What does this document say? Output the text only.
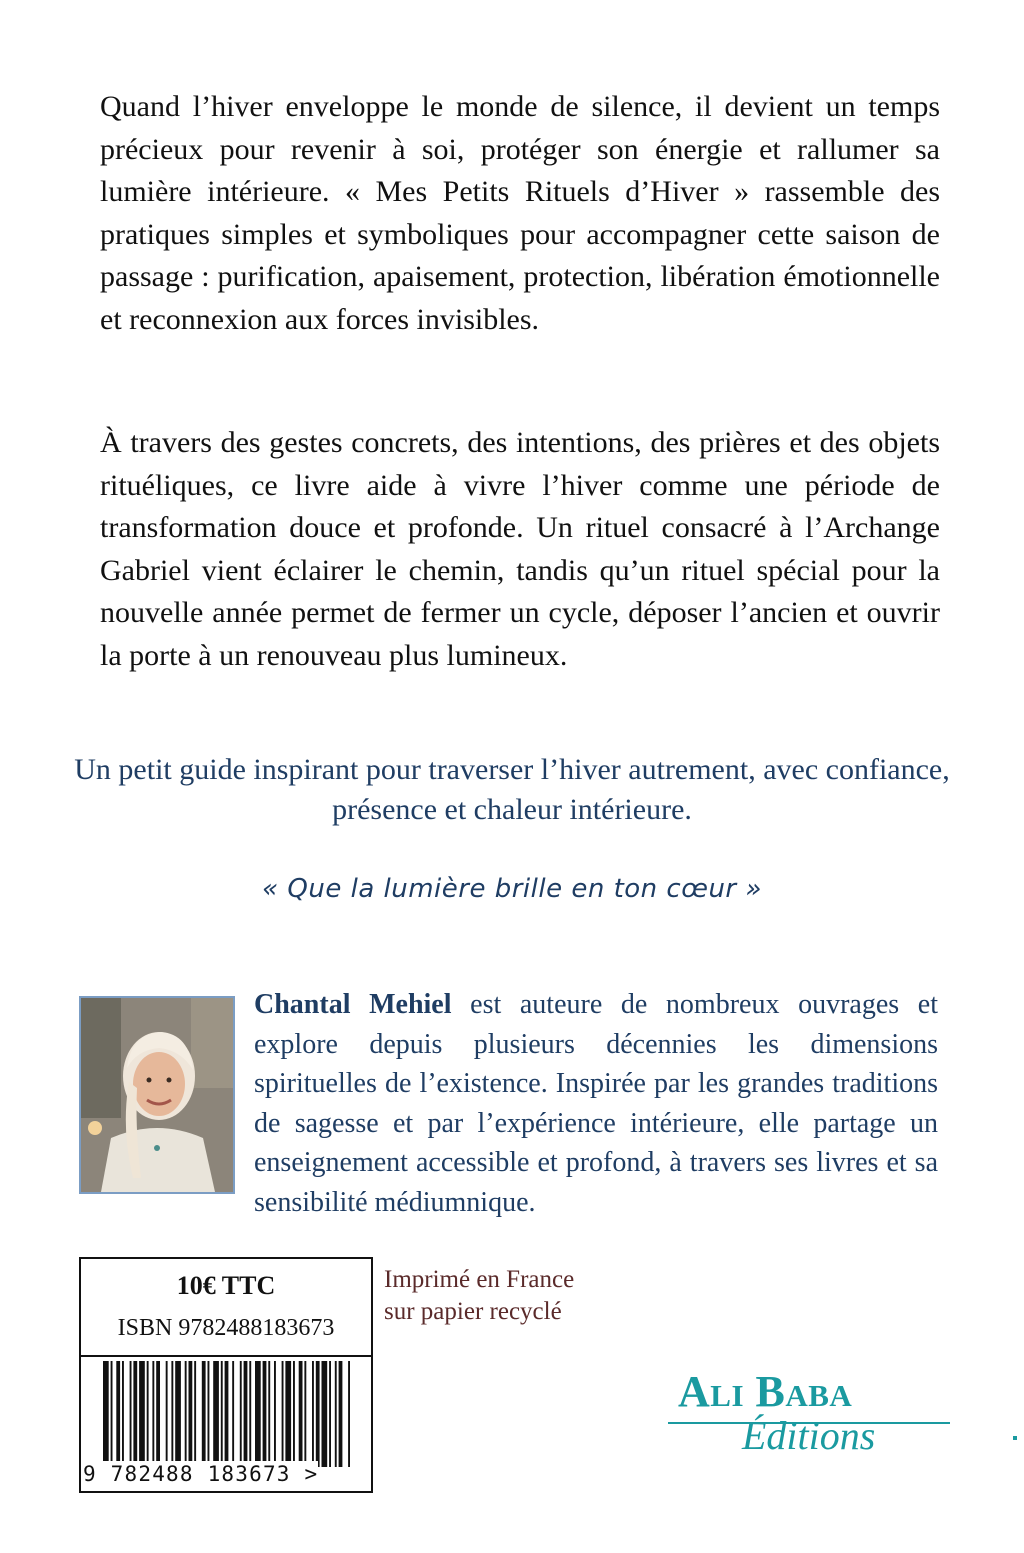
Quand l’hiver enveloppe le monde de silence, il devient un temps précieux pour revenir à soi, protéger son énergie et rallumer sa lumière intérieure. « Mes Petits Rituels d’Hiver » rassemble des pratiques simples et symboliques pour accompagner cette saison de passage : purification, apaisement, protection, libération émotionnelle et reconnexion aux forces invisibles.

À travers des gestes concrets, des intentions, des prières et des objets rituéliques, ce livre aide à vivre l’hiver comme une période de transformation douce et profonde. Un rituel consacré à l’Archange Gabriel vient éclairer le chemin, tandis qu’un rituel spécial pour la nouvelle année permet de fermer un cycle, déposer l’ancien et ouvrir la porte à un renouveau plus lumineux.

Un petit guide inspirant pour traverser l’hiver autrement, avec confiance, présence et chaleur intérieure.

« Que la lumière brille en ton cœur »

Chantal Mehiel est auteure de nombreux ouvrages et explore depuis plusieurs décennies les dimensions spirituelles de l’existence. Inspirée par les grandes traditions de sagesse et par l’expérience intérieure, elle partage un enseignement accessible et profond, à travers ses livres et sa sensibilité médiumnique.

10€ TTC
ISBN 9782488183673
9 782488 183673 >
Imprimé en France
sur papier recyclé
Ali Baba
Éditions
